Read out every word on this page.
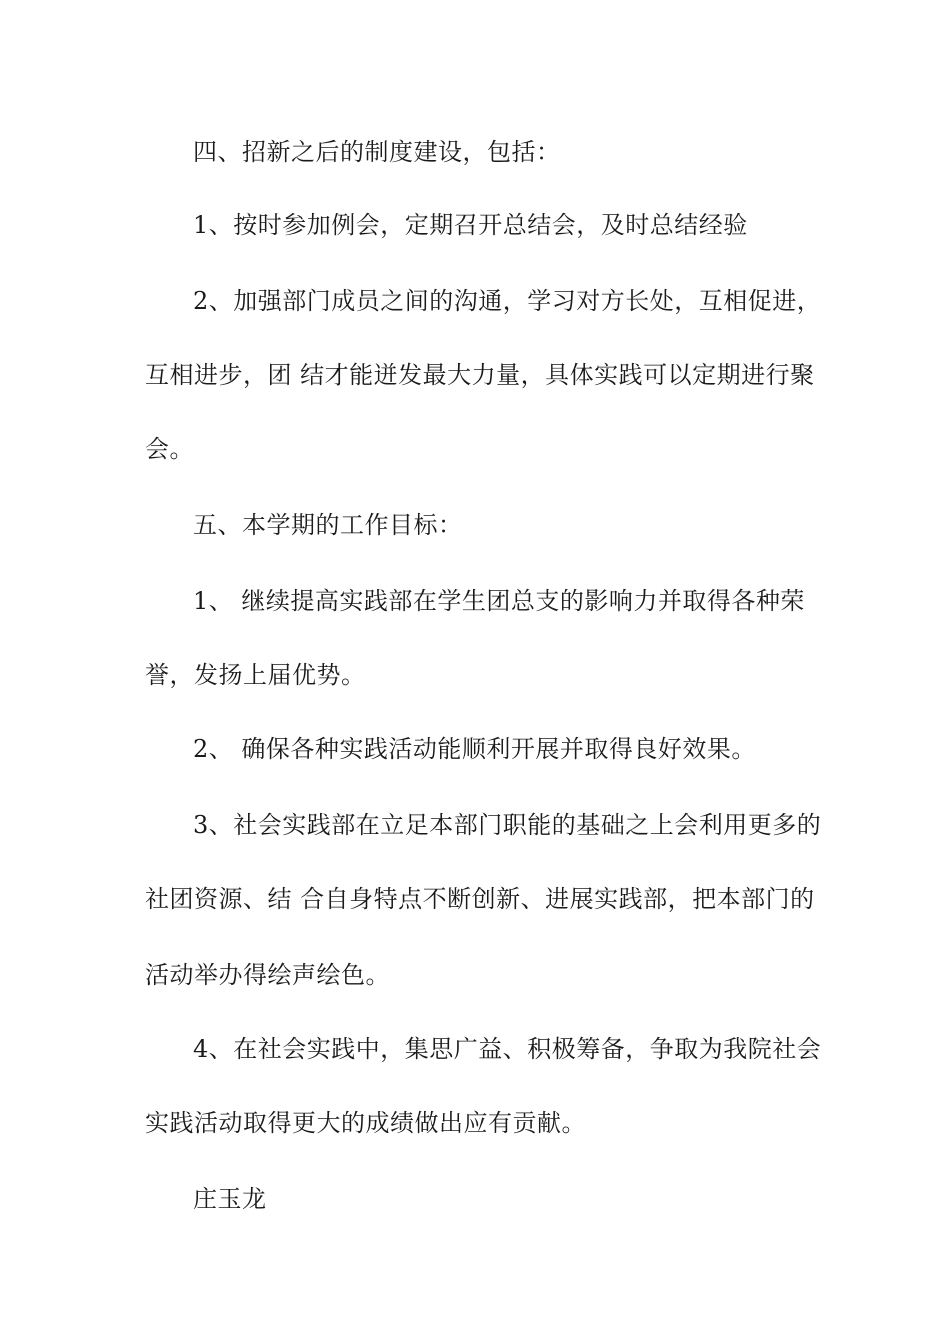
四、招新之后的制度建设，包括：
1、按时参加例会，定期召开总结会，及时总结经验
2、加强部门成员之间的沟通，学习对方长处，互相促进，
互相进步，团 结才能迸发最大力量，具体实践可以定期进行聚
会。
五、本学期的工作目标：
1、 继续提高实践部在学生团总支的影响力并取得各种荣
誉，发扬上届优势。
2、 确保各种实践活动能顺利开展并取得良好效果。
3、社会实践部在立足本部门职能的基础之上会利用更多的
社团资源、结 合自身特点不断创新、进展实践部，把本部门的
活动举办得绘声绘色。
4、在社会实践中，集思广益、积极筹备，争取为我院社会
实践活动取得更大的成绩做出应有贡献。
庄玉龙
